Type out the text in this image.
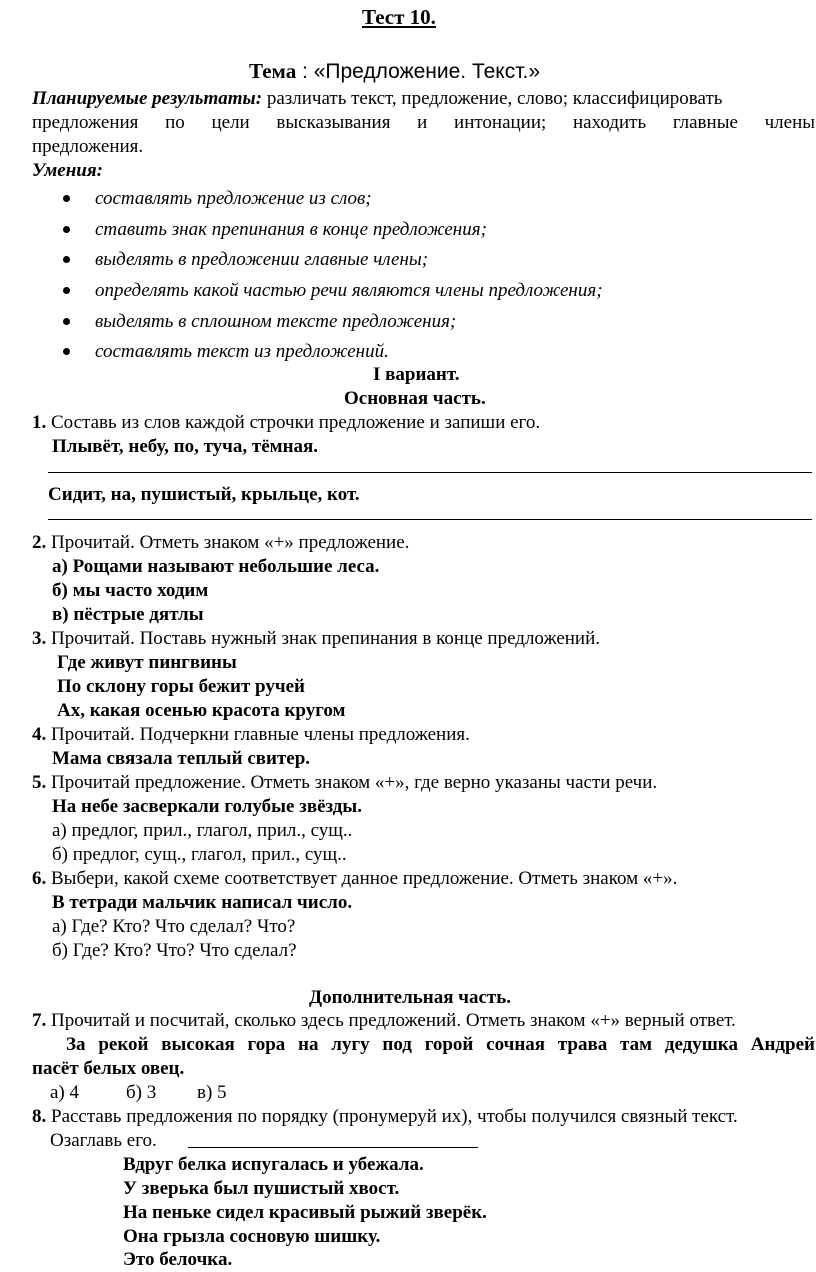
Тест 10.
Тема : «Предложение. Текст.»
Планируемые результаты: различать текст, предложение, слово; классифицировать
предложения по цели высказывания и интонации; находить главные члены
предложения.
Умения:
составлять предложение из слов;
ставить знак препинания в конце предложения;
выделять в предложении главные члены;
определять какой частью речи являются члены предложения;
выделять в сплошном тексте предложения;
составлять текст из предложений.
I вариант.
Основная часть.
1. Составь из слов каждой строчки предложение и запиши его.
Плывёт, небу, по, туча, тёмная.
Сидит, на, пушистый, крыльце, кот.
2. Прочитай. Отметь знаком «+» предложение.
а) Рощами называют небольшие леса.
б) мы часто ходим
в) пёстрые дятлы
3. Прочитай. Поставь нужный знак препинания в конце предложений.
Где живут пингвины
По склону горы бежит ручей
Ах, какая осенью красота кругом
4. Прочитай. Подчеркни главные члены предложения.
Мама связала теплый свитер.
5. Прочитай предложение. Отметь знаком «+», где верно указаны части речи.
На небе засверкали голубые звёзды.
а) предлог, прил., глагол, прил., сущ..
б) предлог, сущ., глагол, прил., сущ..
6. Выбери, какой схеме соответствует данное предложение. Отметь знаком «+».
В тетради мальчик написал число.
а) Где? Кто? Что сделал? Что?
б) Где? Кто? Что? Что сделал?
Дополнительная часть.
7. Прочитай и посчитай, сколько здесь предложений. Отметь знаком «+» верный ответ.
За рекой высокая гора на лугу под горой сочная трава там дедушка Андрей
пасёт белых овец.
а) 4 б) 3 в) 5
8. Расставь предложения по порядку (пронумеруй их), чтобы получился связный текст.
Озаглавь его.
Вдруг белка испугалась и убежала.
У зверька был пушистый хвост.
На пеньке сидел красивый рыжий зверёк.
Она грызла сосновую шишку.
Это белочка.
